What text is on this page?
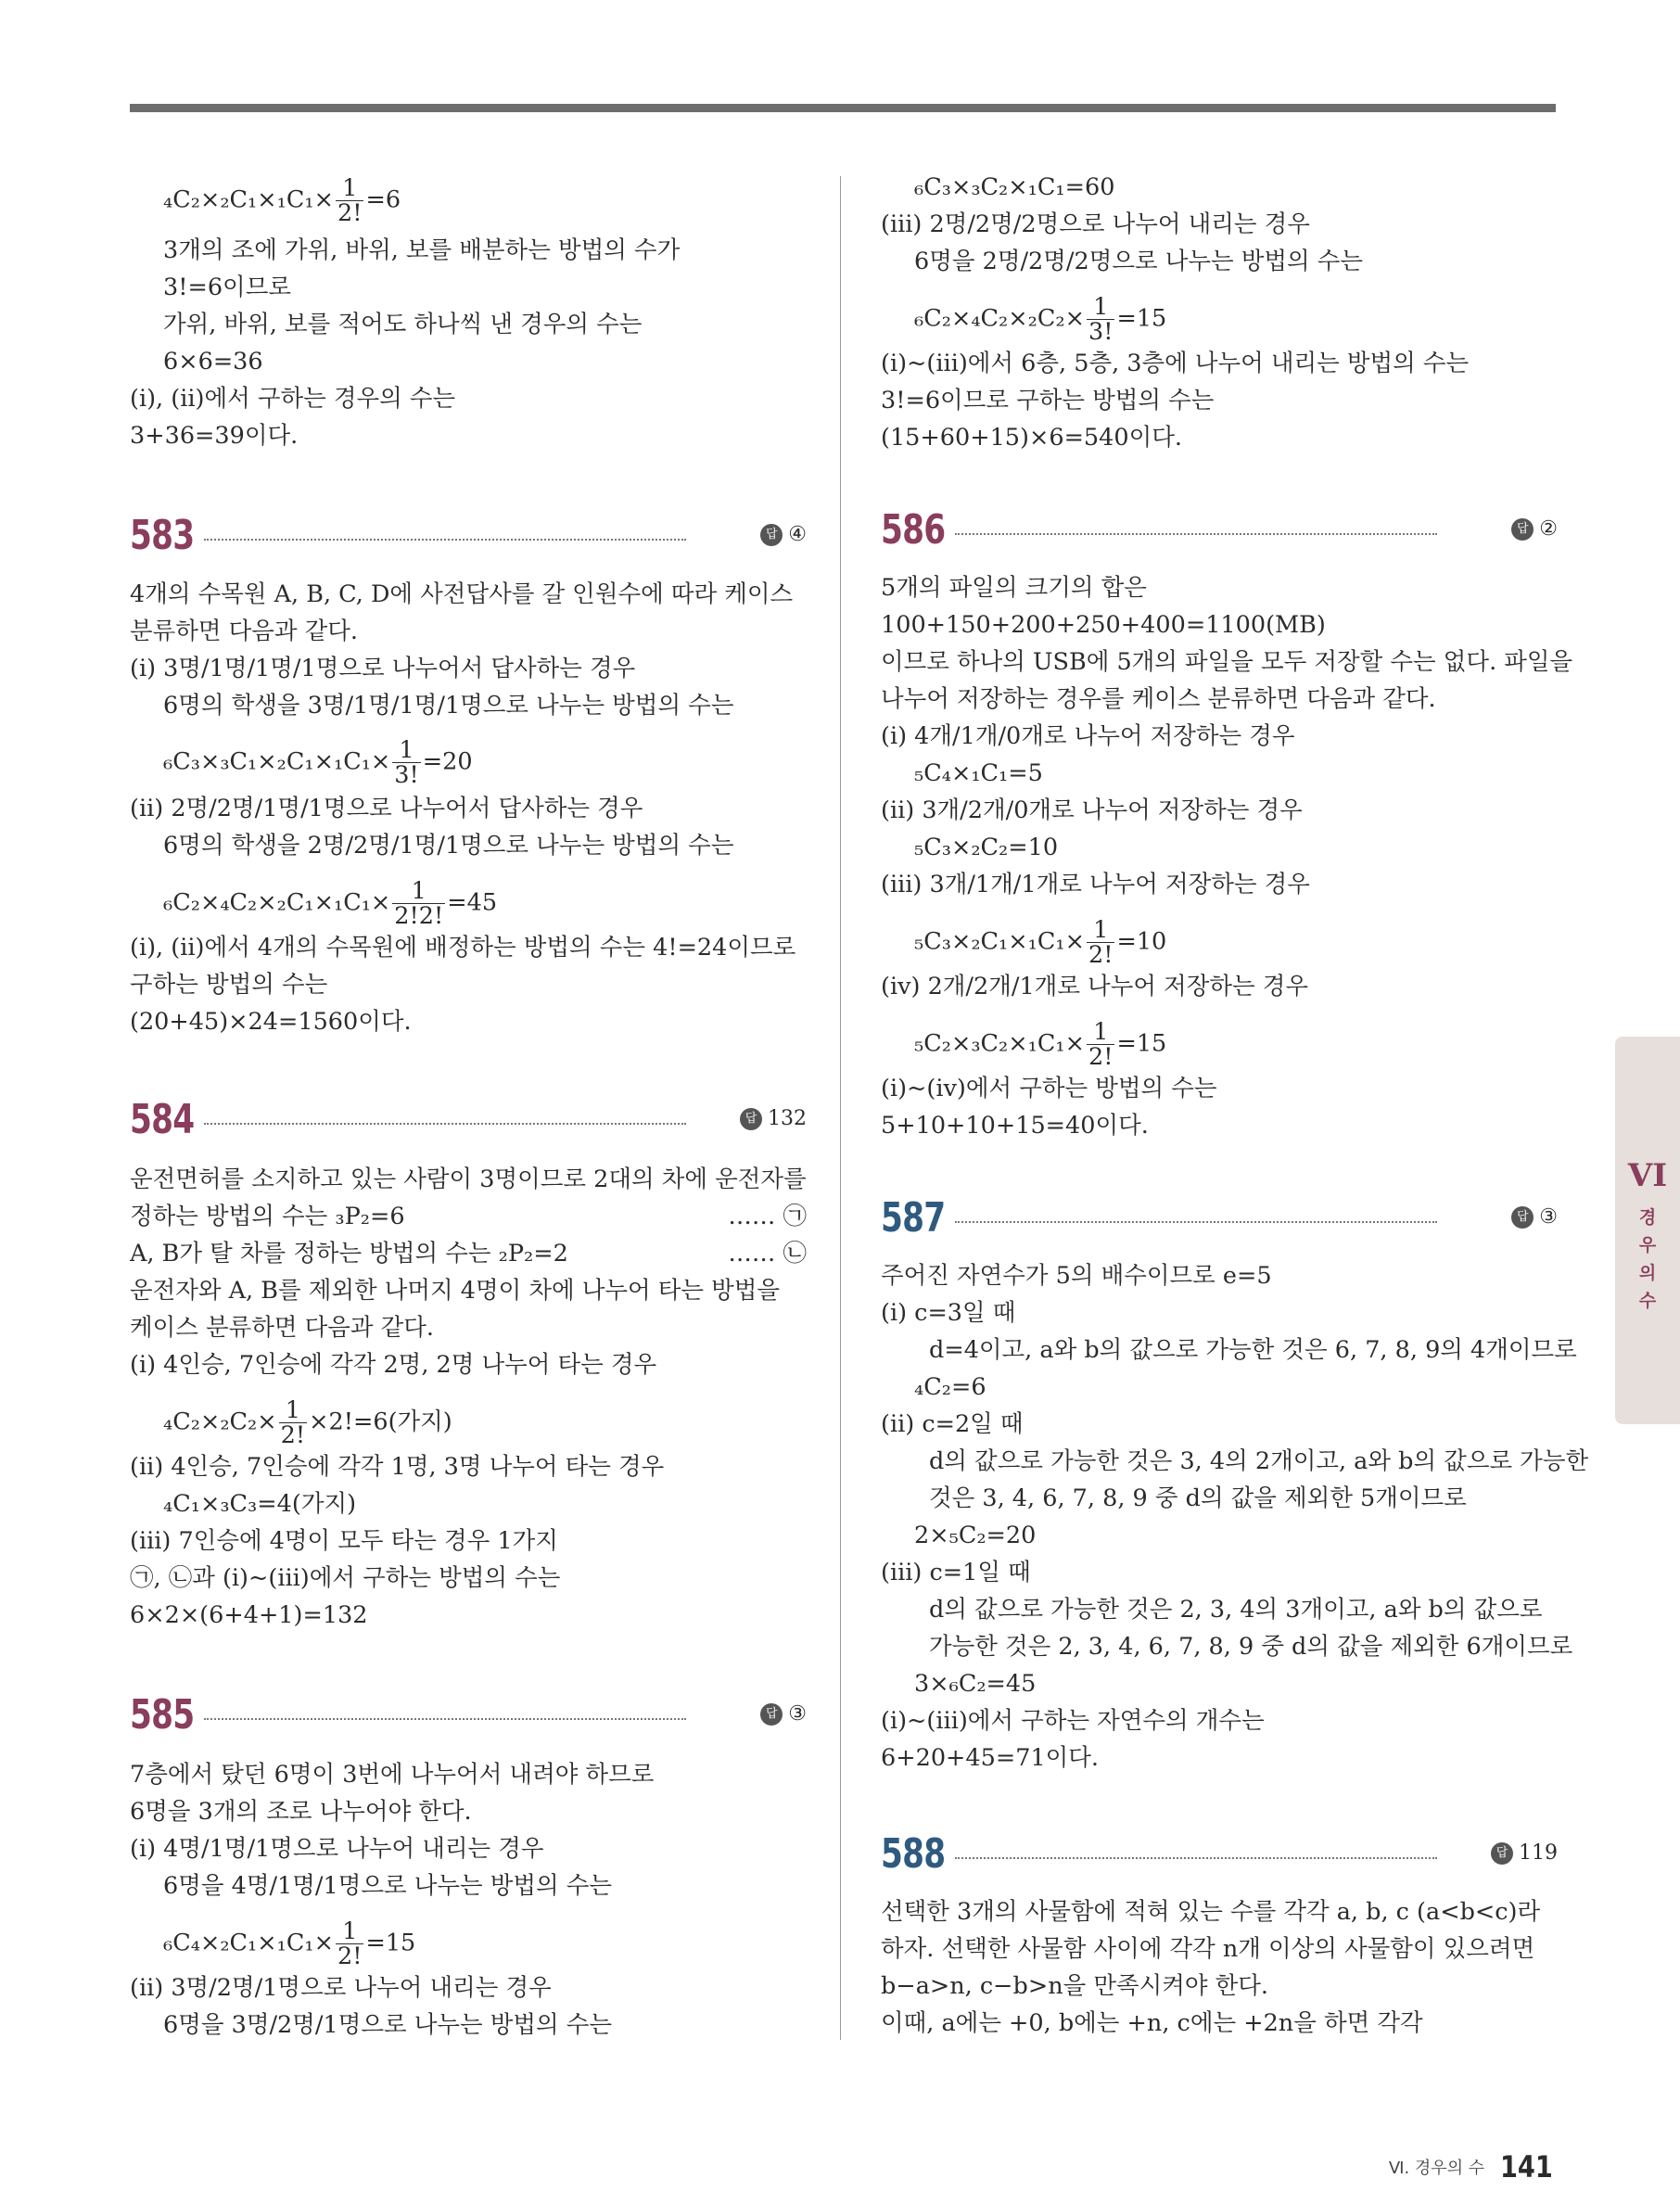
$_4C_2\times_2C_1\times_1C_1\times \frac{1}{2!} =6$
3개의 조에 가위, 바위, 보를 배분하는 방법의 수가
3!=6이므로
가위, 바위, 보를 적어도 하나씩 낸 경우의 수는
6×6=36
(ⅰ), (ⅱ)에서 구하는 경우의 수는
3+36=39이다.
583	답 ④
4개의 수목원 A, B, C, D에 사전답사를 갈 인원수에 따라 케이스
분류하면 다음과 같다.
(ⅰ) 3명/1명/1명/1명으로 나누어서 답사하는 경우
6명의 학생을 3명/1명/1명/1명으로 나누는 방법의 수는
$_6C_3\times_3C_1\times_2C_1\times_1C_1\times \frac{1}{3!} =20$
(ⅱ) 2명/2명/1명/1명으로 나누어서 답사하는 경우
6명의 학생을 2명/2명/1명/1명으로 나누는 방법의 수는
$_6C_2\times_4C_2\times_2C_1\times_1C_1\times \frac{1}{2!2!} =45$
(ⅰ), (ⅱ)에서 4개의 수목원에 배정하는 방법의 수는 4!=24이므로
구하는 방법의 수는
(20+45)×24=1560이다.
584	답 132
운전면허를 소지하고 있는 사람이 3명이므로 2대의 차에 운전자를
정하는 방법의 수는 ₃P₂=6	…… ㉠
A, B가 탈 차를 정하는 방법의 수는 ₂P₂=2	…… ㉡
운전자와 A, B를 제외한 나머지 4명이 차에 나누어 타는 방법을
케이스 분류하면 다음과 같다.
(ⅰ) 4인승, 7인승에 각각 2명, 2명 나누어 타는 경우
$_4C_2\times_2C_2\times \frac{1}{2!} \times 2!=6$(가지)
(ⅱ) 4인승, 7인승에 각각 1명, 3명 나누어 타는 경우
₄C₁×₃C₃=4(가지)
(ⅲ) 7인승에 4명이 모두 타는 경우 1가지
㉠, ㉡과 (ⅰ)~(ⅲ)에서 구하는 방법의 수는
6×2×(6+4+1)=132
585	답 ③
7층에서 탔던 6명이 3번에 나누어서 내려야 하므로
6명을 3개의 조로 나누어야 한다.
(ⅰ) 4명/1명/1명으로 나누어 내리는 경우
6명을 4명/1명/1명으로 나누는 방법의 수는
$_6C_4\times_2C_1\times_1C_1\times \frac{1}{2!} =15$
(ⅱ) 3명/2명/1명으로 나누어 내리는 경우
6명을 3명/2명/1명으로 나누는 방법의 수는
₆C₃×₃C₂×₁C₁=60
(ⅲ) 2명/2명/2명으로 나누어 내리는 경우
6명을 2명/2명/2명으로 나누는 방법의 수는
$_6C_2\times_4C_2\times_2C_2\times \frac{1}{3!} =15$
(ⅰ)~(ⅲ)에서 6층, 5층, 3층에 나누어 내리는 방법의 수는
3!=6이므로 구하는 방법의 수는
(15+60+15)×6=540이다.
586	답 ②
5개의 파일의 크기의 합은
100+150+200+250+400=1100(MB)
이므로 하나의 USB에 5개의 파일을 모두 저장할 수는 없다. 파일을
나누어 저장하는 경우를 케이스 분류하면 다음과 같다.
(ⅰ) 4개/1개/0개로 나누어 저장하는 경우
₅C₄×₁C₁=5
(ⅱ) 3개/2개/0개로 나누어 저장하는 경우
₅C₃×₂C₂=10
(ⅲ) 3개/1개/1개로 나누어 저장하는 경우
$_5C_3\times_2C_1\times_1C_1\times \frac{1}{2!} =10$
(ⅳ) 2개/2개/1개로 나누어 저장하는 경우
$_5C_2\times_3C_2\times_1C_1\times \frac{1}{2!} =15$
(ⅰ)~(ⅳ)에서 구하는 방법의 수는
5+10+10+15=40이다.
587	답 ③
주어진 자연수가 5의 배수이므로 e=5
(ⅰ) c=3일 때
d=4이고, a와 b의 값으로 가능한 것은 6, 7, 8, 9의 4개이므로
₄C₂=6
(ⅱ) c=2일 때
d의 값으로 가능한 것은 3, 4의 2개이고, a와 b의 값으로 가능한
것은 3, 4, 6, 7, 8, 9 중 d의 값을 제외한 5개이므로
2×₅C₂=20
(ⅲ) c=1일 때
d의 값으로 가능한 것은 2, 3, 4의 3개이고, a와 b의 값으로
가능한 것은 2, 3, 4, 6, 7, 8, 9 중 d의 값을 제외한 6개이므로
3×₆C₂=45
(ⅰ)~(ⅲ)에서 구하는 자연수의 개수는
6+20+45=71이다.
588	답 119
선택한 3개의 사물함에 적혀 있는 수를 각각 a, b, c (a<b<c)라
하자. 선택한 사물함 사이에 각각 n개 이상의 사물함이 있으려면
b−a>n, c−b>n을 만족시켜야 한다.
이때, a에는 +0, b에는 +n, c에는 +2n을 하면 각각
VI
경
우
의
수
Ⅵ. 경우의 수 141
